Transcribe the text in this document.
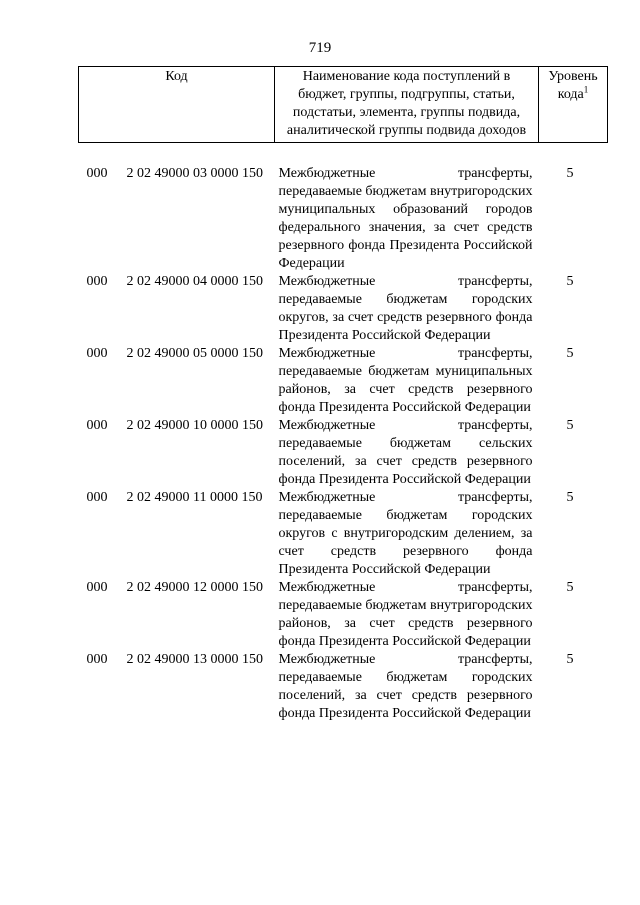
719
Код	Наименование кода поступлений в бюджет, группы, подгруппы, статьи, подстатьи, элемента, группы подвида, аналитической группы подвида доходов	Уровень кода$^1$

000	2 02 49000 03 0000 150 Межбюджетные трансферты, передаваемые бюджетам внутригородских муниципальных образований городов федерального значения, за счет средств резервного фонда Президента Российской Федерации	5

000	2 02 49000 04 0000 150 Межбюджетные трансферты, передаваемые бюджетам городских округов, за счет средств резервного фонда Президента Российской Федерации	5

000	2 02 49000 05 0000 150 Межбюджетные трансферты, передаваемые бюджетам муниципальных районов, за счет средств резервного фонда Президента Российской Федерации	5

000	2 02 49000 10 0000 150 Межбюджетные трансферты, передаваемые бюджетам сельских поселений, за счет средств резервного фонда Президента Российской Федерации	5

000	2 02 49000 11 0000 150 Межбюджетные трансферты, передаваемые бюджетам городских округов с внутригородским делением, за счет средств резервного фонда Президента Российской Федерации	5

000	2 02 49000 12 0000 150 Межбюджетные трансферты, передаваемые бюджетам внутригородских районов, за счет средств резервного фонда Президента Российской Федерации	5

000	2 02 49000 13 0000 150 Межбюджетные трансферты, передаваемые бюджетам городских поселений, за счет средств резервного фонда Президента Российской Федерации	5
